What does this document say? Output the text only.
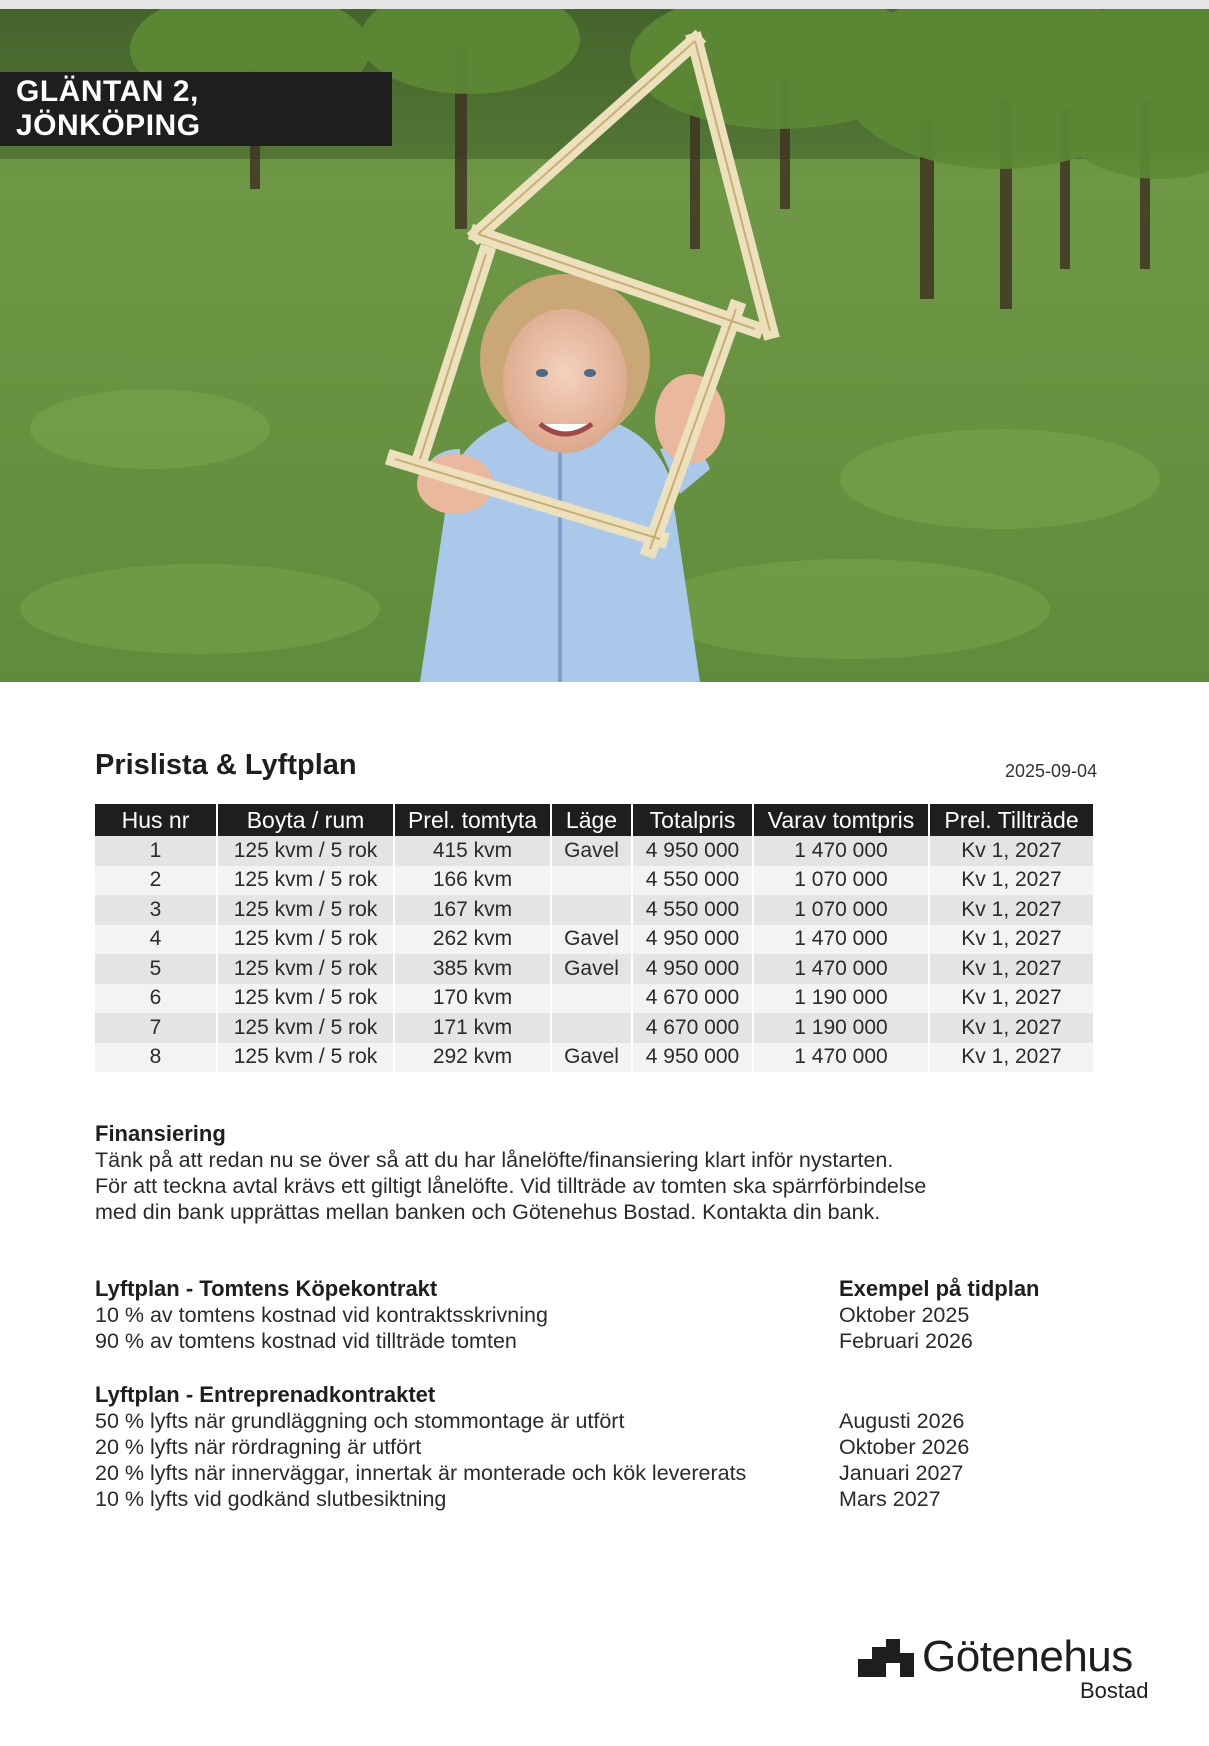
GLÄNTAN 2, JÖNKÖPING
Prislista & Lyftplan	2025-09-04
Hus nr	Boyta / rum	Prel. tomtyta	Läge	Totalpris	Varav tomtpris	Prel. Tillträde
1	125 kvm / 5 rok	415 kvm	Gavel	4 950 000	1 470 000	Kv 1, 2027
2	125 kvm / 5 rok	166 kvm		4 550 000	1 070 000	Kv 1, 2027
3	125 kvm / 5 rok	167 kvm		4 550 000	1 070 000	Kv 1, 2027
4	125 kvm / 5 rok	262 kvm	Gavel	4 950 000	1 470 000	Kv 1, 2027
5	125 kvm / 5 rok	385 kvm	Gavel	4 950 000	1 470 000	Kv 1, 2027
6	125 kvm / 5 rok	170 kvm		4 670 000	1 190 000	Kv 1, 2027
7	125 kvm / 5 rok	171 kvm		4 670 000	1 190 000	Kv 1, 2027
8	125 kvm / 5 rok	292 kvm	Gavel	4 950 000	1 470 000	Kv 1, 2027
Finansiering
Tänk på att redan nu se över så att du har lånelöfte/finansiering klart inför nystarten.
För att teckna avtal krävs ett giltigt lånelöfte. Vid tillträde av tomten ska spärrförbindelse
med din bank upprättas mellan banken och Götenehus Bostad. Kontakta din bank.
Lyftplan - Tomtens Köpekontrakt	Exempel på tidplan
10 % av tomtens kostnad vid kontraktsskrivning	Oktober 2025
90 % av tomtens kostnad vid tillträde tomten	Februari 2026
Lyftplan - Entreprenadkontraktet
50 % lyfts när grundläggning och stommontage är utfört	Augusti 2026
20 % lyfts när rördragning är utfört	Oktober 2026
20 % lyfts när innerväggar, innertak är monterade och kök levererats	Januari 2027
10 % lyfts vid godkänd slutbesiktning	Mars 2027
Götenehus
Bostad
